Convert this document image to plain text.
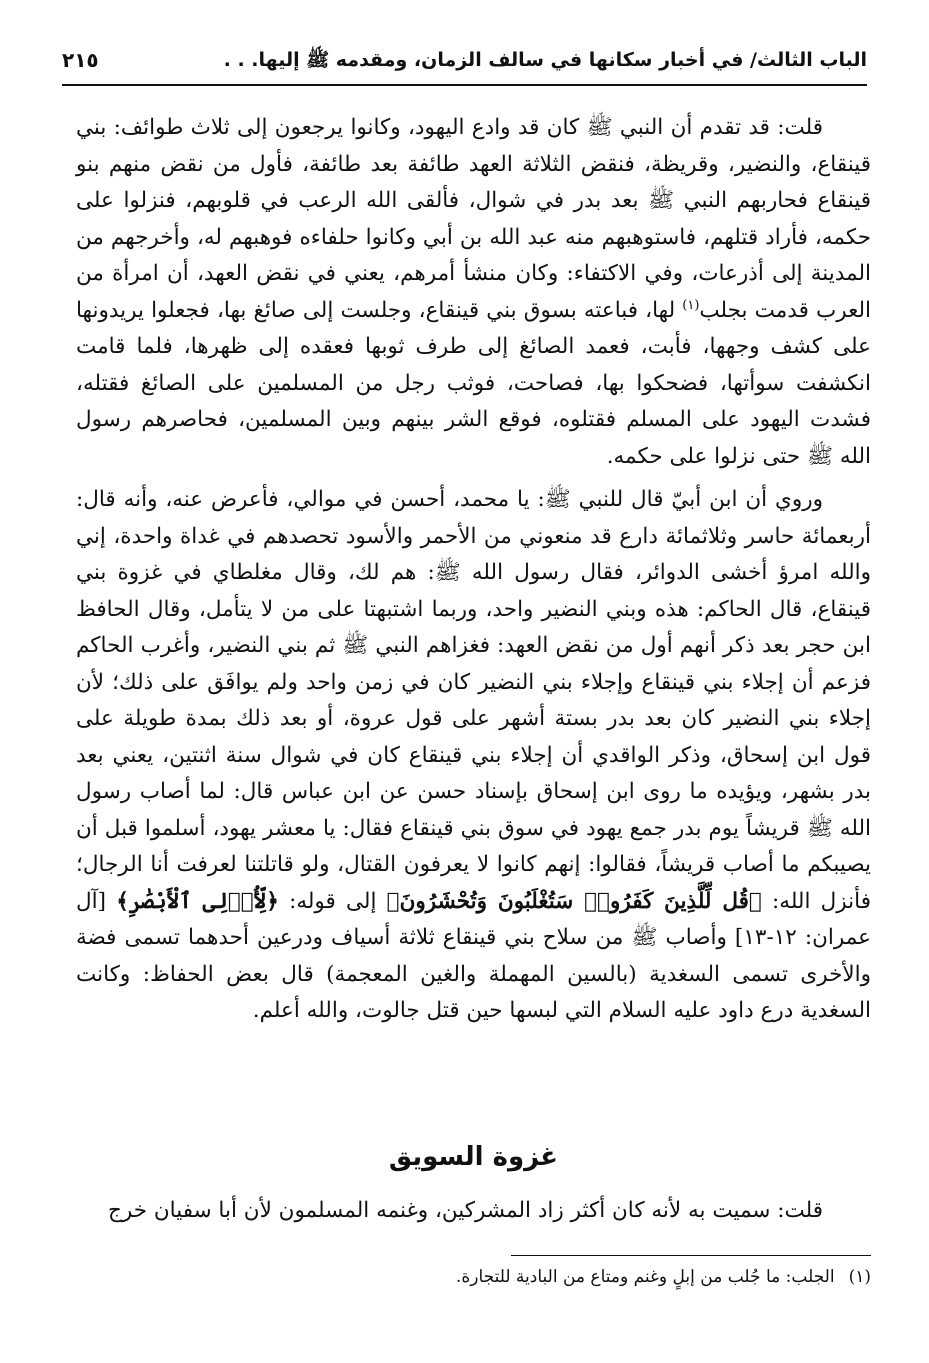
الباب الثالث/ في أخبار سكانها في سالف الزمان، ومقدمه ﷺ إليها. . .
٢١٥

قلت: قد تقدم أن النبي ﷺ كان قد وادع اليهود، وكانوا يرجعون إلى ثلاث طوائف: بني قينقاع، والنضير، وقريظة، فنقض الثلاثة العهد طائفة بعد طائفة، فأول من نقض منهم بنو قينقاع فحاربهم النبي ﷺ بعد بدر في شوال، فألقى الله الرعب في قلوبهم، فنزلوا على حكمه، فأراد قتلهم، فاستوهبهم منه عبد الله بن أبي وكانوا حلفاءه فوهبهم له، وأخرجهم من المدينة إلى أذرعات، وفي الاكتفاء: وكان منشأ أمرهم، يعني في نقض العهد، أن امرأة من العرب قدمت بجلب$^{(١)}$ لها، فباعته بسوق بني قينقاع، وجلست إلى صائغ بها، فجعلوا يريدونها على كشف وجهها، فأبت، فعمد الصائغ إلى طرف ثوبها فعقده إلى ظهرها، فلما قامت انكشفت سوأتها، فضحكوا بها، فصاحت، فوثب رجل من المسلمين على الصائغ فقتله، فشدت اليهود على المسلم فقتلوه، فوقع الشر بينهم وبين المسلمين، فحاصرهم رسول الله ﷺ حتى نزلوا على حكمه.

وروي أن ابن أبيّ قال للنبي ﷺ: يا محمد، أحسن في موالي، فأعرض عنه، وأنه قال: أربعمائة حاسر وثلاثمائة دارع قد منعوني من الأحمر والأسود تحصدهم في غداة واحدة، إني والله امرؤ أخشى الدوائر، فقال رسول الله ﷺ: هم لك، وقال مغلطاي في غزوة بني قينقاع، قال الحاكم: هذه وبني النضير واحد، وربما اشتبهتا على من لا يتأمل، وقال الحافظ ابن حجر بعد ذكر أنهم أول من نقض العهد: فغزاهم النبي ﷺ ثم بني النضير، وأغرب الحاكم فزعم أن إجلاء بني قينقاع وإجلاء بني النضير كان في زمن واحد ولم يوافَق على ذلك؛ لأن إجلاء بني النضير كان بعد بدر بستة أشهر على قول عروة، أو بعد ذلك بمدة طويلة على قول ابن إسحاق، وذكر الواقدي أن إجلاء بني قينقاع كان في شوال سنة اثنتين، يعني بعد بدر بشهر، ويؤيده ما روى ابن إسحاق بإسناد حسن عن ابن عباس قال: لما أصاب رسول الله ﷺ قريشاً يوم بدر جمع يهود في سوق بني قينقاع فقال: يا معشر يهود، أسلموا قبل أن يصيبكم ما أصاب قريشاً، فقالوا: إنهم كانوا لا يعرفون القتال، ولو قاتلتنا لعرفت أنا الرجال؛ فأنزل الله: ﴿قُل لِّلَّذِينَ كَفَرُوا۟ سَتُغْلَبُونَ وَتُحْشَرُونَ﴾ إلى قوله: ﴿لِّأُو۟لِى ٱلْأَبْصَٰرِ﴾ [آل عمران: ١٢-١٣] وأصاب ﷺ من سلاح بني قينقاع ثلاثة أسياف ودرعين أحدهما تسمى فضة والأخرى تسمى السغدية (بالسين المهملة والغين المعجمة) قال بعض الحفاظ: وكانت السغدية درع داود عليه السلام التي لبسها حين قتل جالوت، والله أعلم.

غزوة السويق
قلت: سميت به لأنه كان أكثر زاد المشركين، وغنمه المسلمون لأن أبا سفيان خرج
(١)الجلب: ما جُلب من إبلٍ وغنم ومتاع من البادية للتجارة.
